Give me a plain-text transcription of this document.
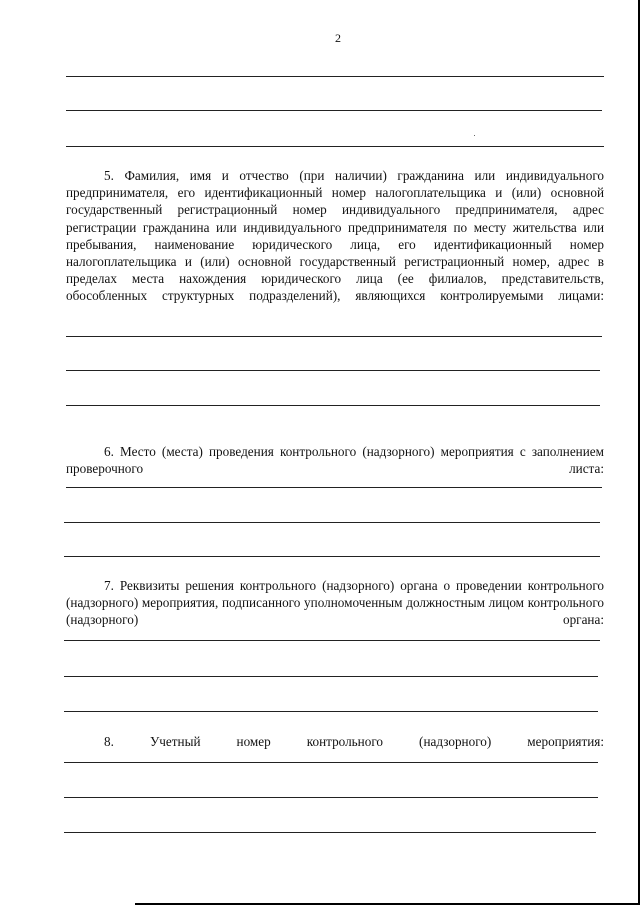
2

5. Фамилия, имя и отчество (при наличии) гражданина или индивидуального предпринимателя, его идентификационный номер налогоплательщика и (или) основной государственный регистрационный номер индивидуального предпринимателя, адрес регистрации гражданина или индивидуального предпринимателя по месту жительства или пребывания, наименование юридического лица, его идентификационный номер налогоплательщика и (или) основной государственный регистрационный номер, адрес в пределах места нахождения юридического лица (ее филиалов, представительств, обособленных структурных подразделений), являющихся контролируемыми лицами:

6. Место (места) проведения контрольного (надзорного) мероприятия с заполнением проверочного листа:

7. Реквизиты решения контрольного (надзорного) органа о проведении контрольного (надзорного) мероприятия, подписанного уполномоченным должностным лицом контрольного (надзорного) органа:

8.	Учетный номер контрольного (надзорного) мероприятия:
